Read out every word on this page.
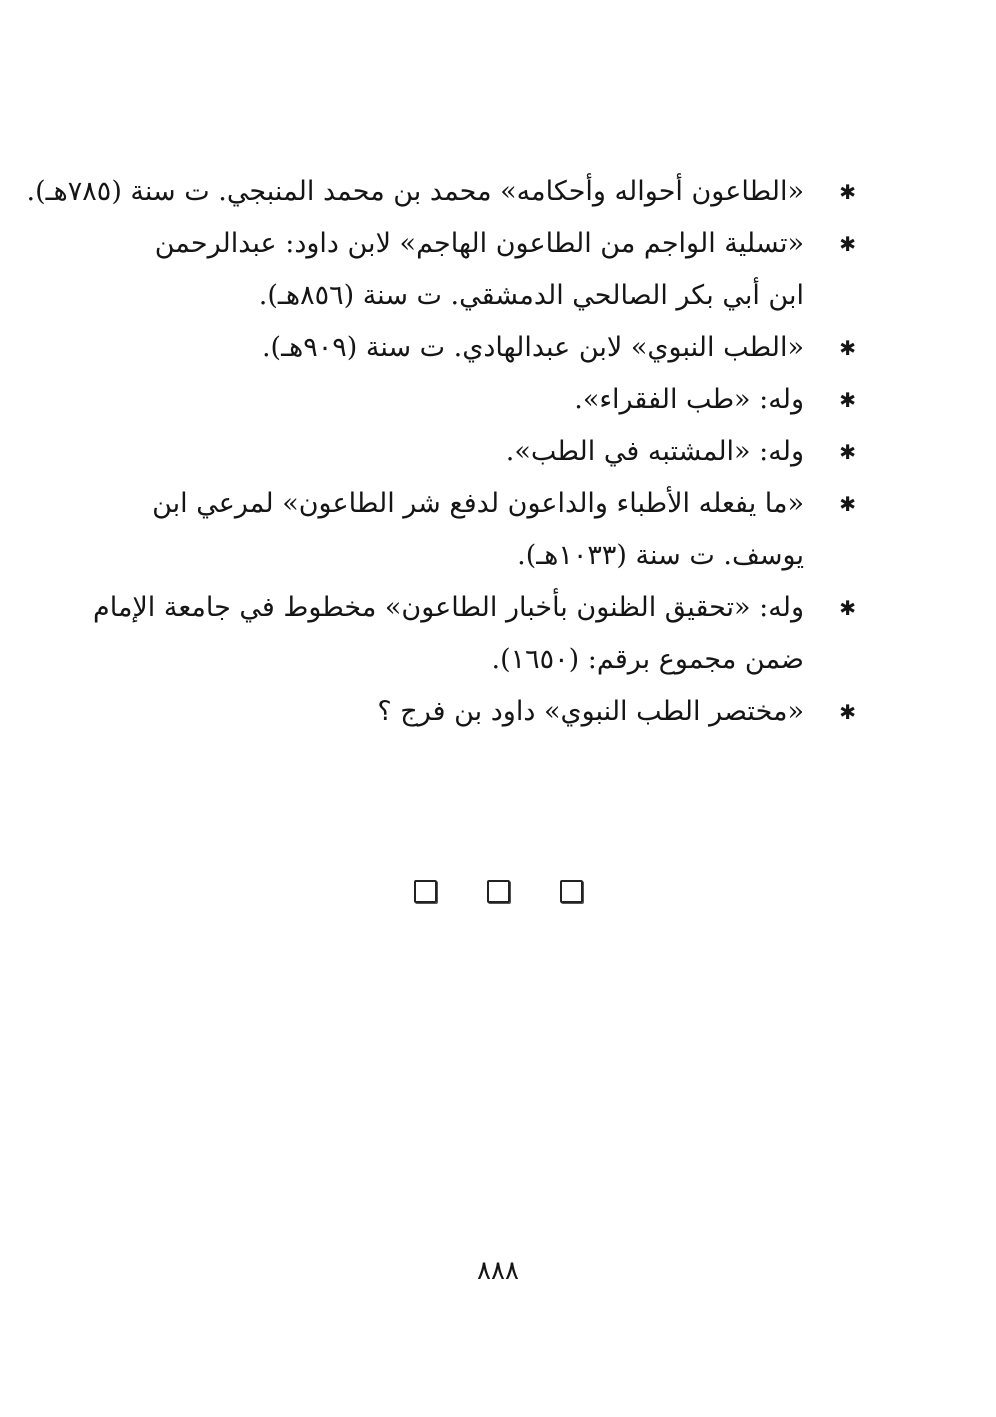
✱
«الطاعون أحواله وأحكامه» محمد بن محمد المنبجي. ت سنة (٧٨٥هـ).
✱
«تسلية الواجم من الطاعون الهاجم» لابن داود: عبدالرحمن
ابن أبي بكر الصالحي الدمشقي. ت سنة (٨٥٦هـ).
✱
«الطب النبوي» لابن عبدالهادي. ت سنة (٩٠٩هـ).
✱
وله: «طب الفقراء».
✱
وله: «المشتبه في الطب».
✱
«ما يفعله الأطباء والداعون لدفع شر الطاعون» لمرعي ابن
يوسف. ت سنة (١٠٣٣هـ).
✱
وله: «تحقيق الظنون بأخبار الطاعون» مخطوط في جامعة الإمام
ضمن مجموع برقم: (١٦٥٠).
✱
«مختصر الطب النبوي» داود بن فرج ؟
٨٨٨
